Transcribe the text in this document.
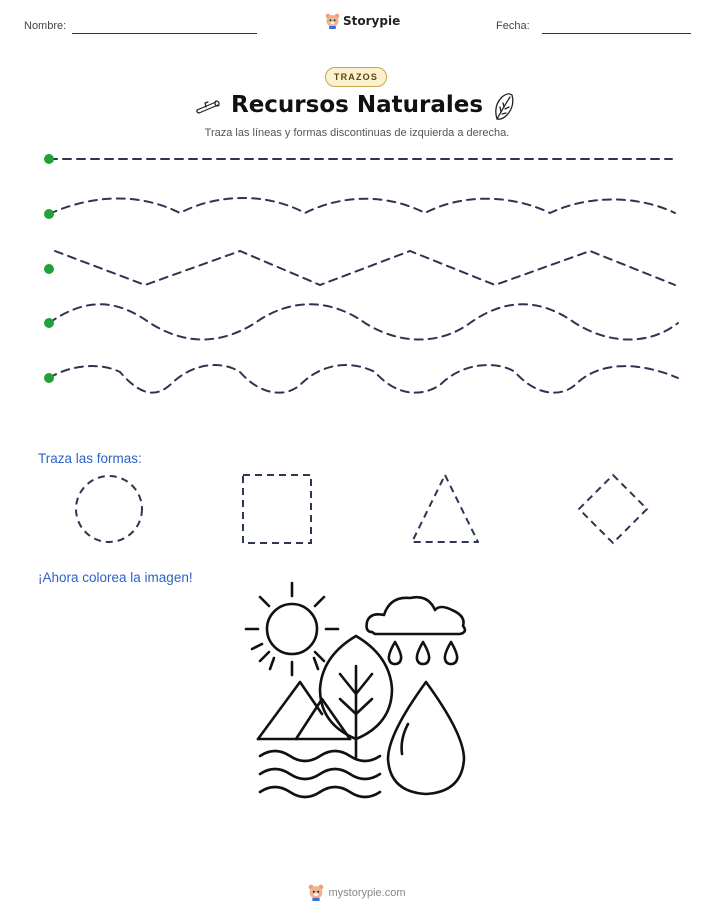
Nombre:	Storypie	Fecha:
TRAZOS
Recursos Naturales
Traza las líneas y formas discontinuas de izquierda a derecha.
Traza las formas:
¡Ahora colorea la imagen!
mystorypie.com
